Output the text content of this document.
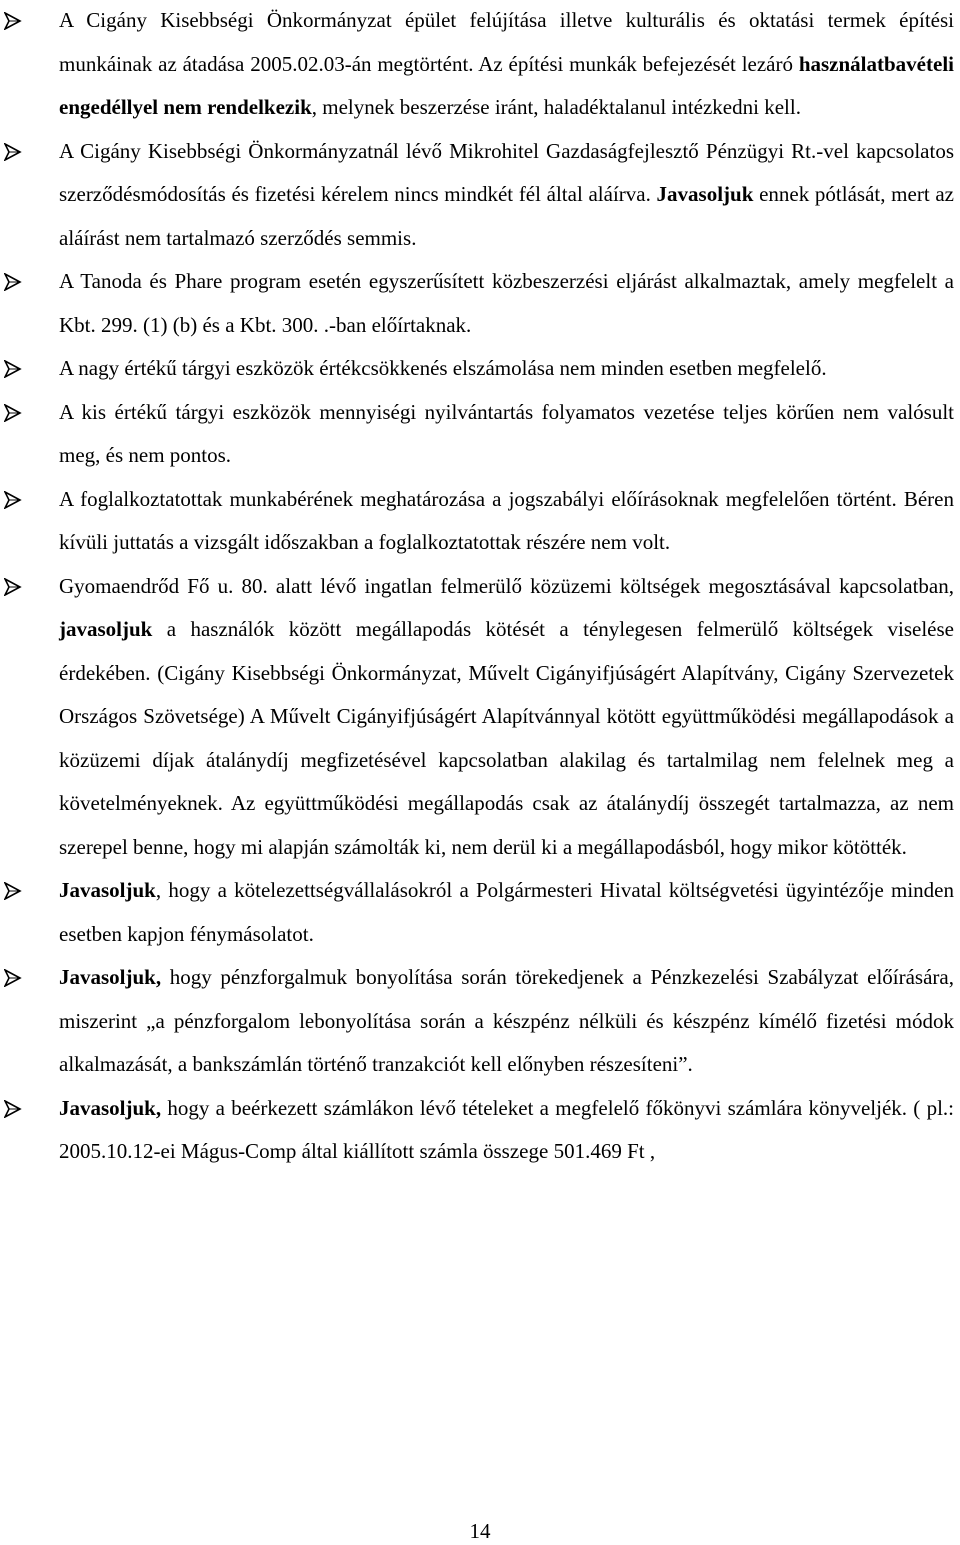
A Cigány Kisebbségi Önkormányzat épület felújítása illetve kulturális és oktatási termek építési munkáinak az átadása 2005.02.03-án megtörtént. Az építési munkák befejezését lezáró használatbavételi engedéllyel nem rendelkezik, melynek beszerzése iránt, haladéktalanul intézkedni kell.
A Cigány Kisebbségi Önkormányzatnál lévő Mikrohitel Gazdaságfejlesztő Pénzügyi Rt.-vel kapcsolatos szerződésmódosítás és fizetési kérelem nincs mindkét fél által aláírva. Javasoljuk ennek pótlását, mert az aláírást nem tartalmazó szerződés semmis.
A Tanoda és Phare program esetén egyszerűsített közbeszerzési eljárást alkalmaztak, amely megfelelt a Kbt. 299. (1) (b) és a Kbt. 300. .-ban előírtaknak.
A nagy értékű tárgyi eszközök értékcsökkenés elszámolása nem minden esetben megfelelő.
A kis értékű tárgyi eszközök mennyiségi nyilvántartás folyamatos vezetése teljes körűen nem valósult meg, és nem pontos.
A foglalkoztatottak munkabérének meghatározása a jogszabályi előírásoknak megfelelően történt. Béren kívüli juttatás a vizsgált időszakban a foglalkoztatottak részére nem volt.
Gyomaendrőd Fő u. 80. alatt lévő ingatlan felmerülő közüzemi költségek megosztásával kapcsolatban, javasoljuk a használók között megállapodás kötését a ténylegesen felmerülő költségek viselése érdekében. (Cigány Kisebbségi Önkormányzat, Művelt Cigányifjúságért Alapítvány, Cigány Szervezetek Országos Szövetsége) A Művelt Cigányifjúságért Alapítvánnyal kötött együttműködési megállapodások a közüzemi díjak átalánydíj megfizetésével kapcsolatban alakilag és tartalmilag nem felelnek meg a követelményeknek. Az együttműködési megállapodás csak az átalánydíj összegét tartalmazza, az nem szerepel benne, hogy mi alapján számolták ki, nem derül ki a megállapodásból, hogy mikor kötötték.
Javasoljuk, hogy a kötelezettségvállalásokról a Polgármesteri Hivatal költségvetési ügyintézője minden esetben kapjon fénymásolatot.
Javasoljuk, hogy pénzforgalmuk bonyolítása során törekedjenek a Pénzkezelési Szabályzat előírására, miszerint „a pénzforgalom lebonyolítása során a készpénz nélküli és készpénz kímélő fizetési módok alkalmazását, a bankszámlán történő tranzakciót kell előnyben részesíteni”.
Javasoljuk, hogy a beérkezett számlákon lévő tételeket a megfelelő főkönyvi számlára könyveljék. ( pl.: 2005.10.12-ei Mágus-Comp által kiállított számla összege 501.469 Ft ,
14
